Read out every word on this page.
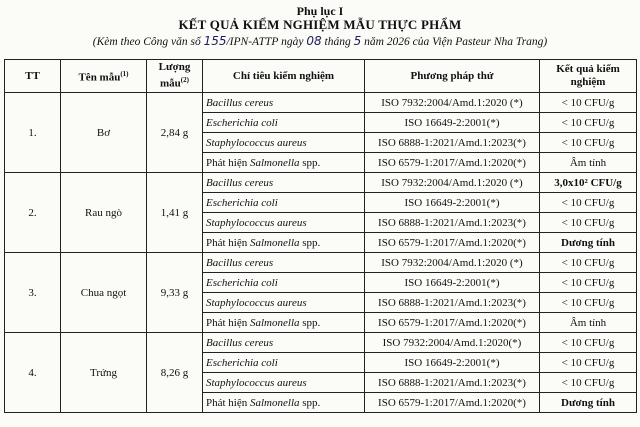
Phụ lục I
KẾT QUẢ KIỂM NGHIỆM MẪU THỰC PHẨM
(Kèm theo Công văn số 155/IPN-ATTP ngày 08 tháng 5 năm 2026 của Viện Pasteur Nha Trang)
TT	Tên mẫu$^{(1)}$	Lượng mẫu$^{(2)}$	Chỉ tiêu kiểm nghiệm	Phương pháp thử	Kết quả kiểm nghiệm
1.	Bơ	2,84 g	Bacillus cereus	ISO 7932:2004/Amd.1:2020 (*)	< 10 CFU/g
			Escherichia coli	ISO 16649-2:2001(*)	< 10 CFU/g
			Staphylococcus aureus	ISO 6888-1:2021/Amd.1:2023(*)	< 10 CFU/g
			Phát hiện Salmonella spp.	ISO 6579-1:2017/Amd.1:2020(*)	Âm tính
2.	Rau ngò	1,41 g	Bacillus cereus	ISO 7932:2004/Amd.1:2020 (*)	3,0x10² CFU/g
			Escherichia coli	ISO 16649-2:2001(*)	< 10 CFU/g
			Staphylococcus aureus	ISO 6888-1:2021/Amd.1:2023(*)	< 10 CFU/g
			Phát hiện Salmonella spp.	ISO 6579-1:2017/Amd.1:2020(*)	Dương tính
3.	Chua ngọt	9,33 g	Bacillus cereus	ISO 7932:2004/Amd.1:2020 (*)	< 10 CFU/g
			Escherichia coli	ISO 16649-2:2001(*)	< 10 CFU/g
			Staphylococcus aureus	ISO 6888-1:2021/Amd.1:2023(*)	< 10 CFU/g
			Phát hiện Salmonella spp.	ISO 6579-1:2017/Amd.1:2020(*)	Âm tính
4.	Trứng	8,26 g	Bacillus cereus	ISO 7932:2004/Amd.1:2020(*)	< 10 CFU/g
			Escherichia coli	ISO 16649-2:2001(*)	< 10 CFU/g
			Staphylococcus aureus	ISO 6888-1:2021/Amd.1:2023(*)	< 10 CFU/g
			Phát hiện Salmonella spp.	ISO 6579-1:2017/Amd.1:2020(*)	Dương tính
